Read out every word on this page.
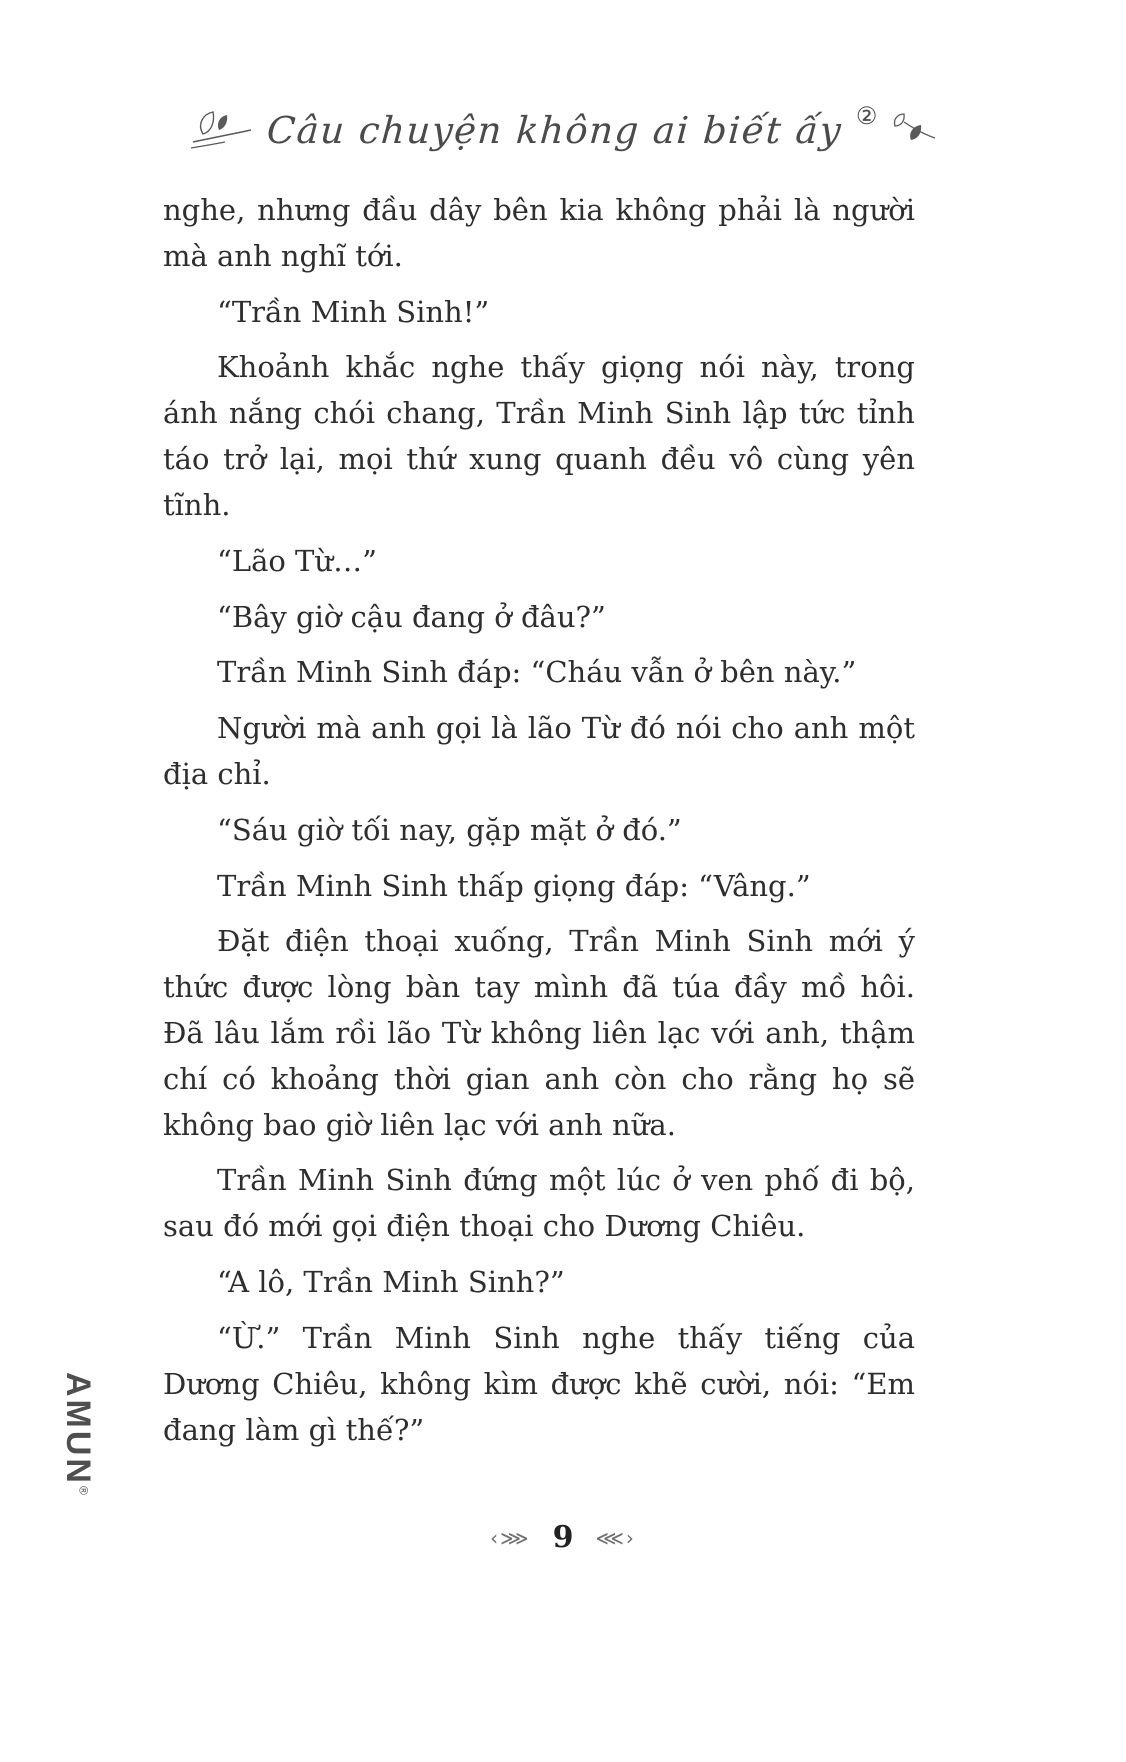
Câu chuyện không ai biết ấy ②

nghe, nhưng đầu dây bên kia không phải là người mà anh nghĩ tới.

“Trần Minh Sinh!”

Khoảnh khắc nghe thấy giọng nói này, trong ánh nắng chói chang, Trần Minh Sinh lập tức tỉnh táo trở lại, mọi thứ xung quanh đều vô cùng yên tĩnh.

“Lão Từ…”

“Bây giờ cậu đang ở đâu?”

Trần Minh Sinh đáp: “Cháu vẫn ở bên này.”

Người mà anh gọi là lão Từ đó nói cho anh một địa chỉ.

“Sáu giờ tối nay, gặp mặt ở đó.”

Trần Minh Sinh thấp giọng đáp: “Vâng.”

Đặt điện thoại xuống, Trần Minh Sinh mới ý thức được lòng bàn tay mình đã túa đầy mồ hôi. Đã lâu lắm rồi lão Từ không liên lạc với anh, thậm chí có khoảng thời gian anh còn cho rằng họ sẽ không bao giờ liên lạc với anh nữa.

Trần Minh Sinh đứng một lúc ở ven phố đi bộ, sau đó mới gọi điện thoại cho Dương Chiêu.

“A lô, Trần Minh Sinh?”

“Ừ.” Trần Minh Sinh nghe thấy tiếng của Dương Chiêu, không kìm được khẽ cười, nói: “Em đang làm gì thế?”

‹⋙ 9 ⋘›
AMUN®
